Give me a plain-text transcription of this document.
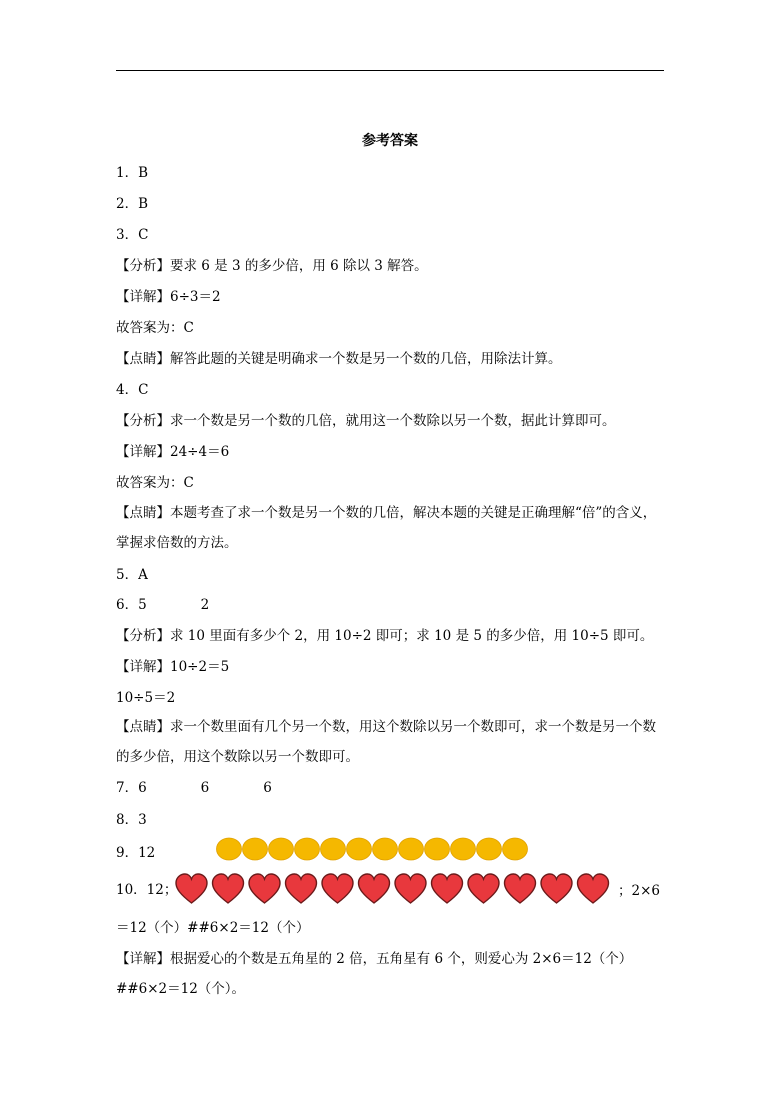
参考答案
1．B
2．B
3．C
【分析】要求 6 是 3 的多少倍，用 6 除以 3 解答。
【详解】6÷3＝2
故答案为：C
【点睛】解答此题的关键是明确求一个数是另一个数的几倍，用除法计算。
4．C
【分析】求一个数是另一个数的几倍，就用这一个数除以另一个数，据此计算即可。
【详解】24÷4＝6
故答案为：C
【点睛】本题考查了求一个数是另一个数的几倍，解决本题的关键是正确理解“倍”的含义，掌握求倍数的方法。
5．A
6．5　　　　2
【分析】求 10 里面有多少个 2，用 10÷2 即可；求 10 是 5 的多少倍，用 10÷5 即可。
【详解】10÷2＝5
10÷5＝2
【点睛】求一个数里面有几个另一个数，用这个数除以另一个数即可，求一个数是另一个数的多少倍，用这个数除以另一个数即可。
7．6　　　　6　　　　6
8．3
9．12
10．12；	；2×6
＝12（个）##6×2＝12（个）
【详解】根据爱心的个数是五角星的 2 倍，五角星有 6 个，则爱心为 2×6＝12（个）##6×2＝12（个）。
